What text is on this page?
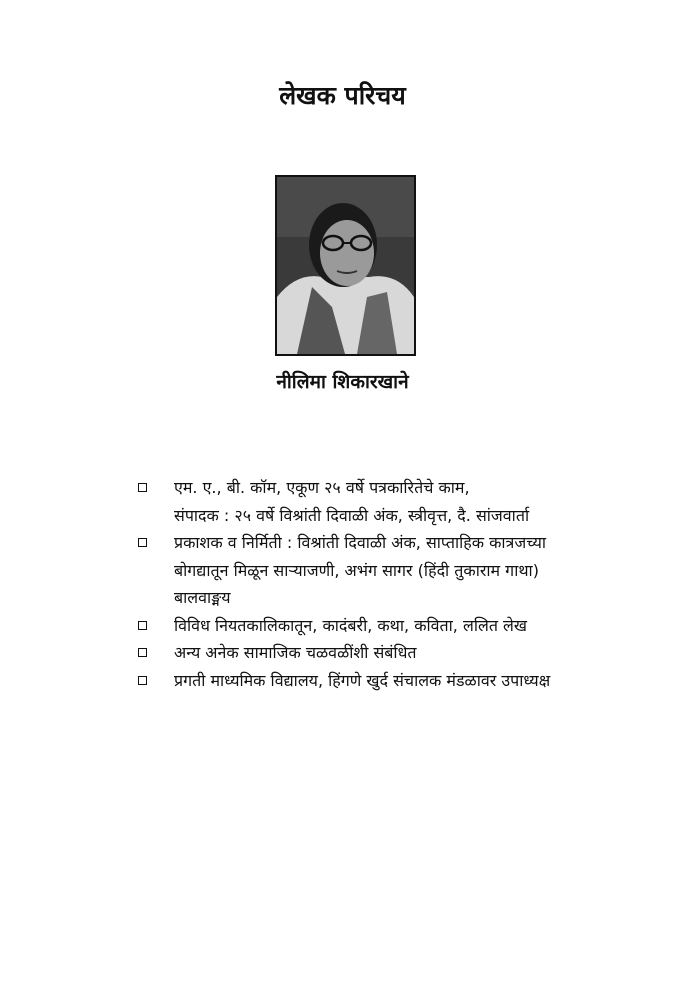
लेखक परिचय
नीलिमा शिकारखाने
एम. ए., बी. कॉम, एकूण २५ वर्षे पत्रकारितेचे काम,
संपादक : २५ वर्षे विश्रांती दिवाळी अंक, स्त्रीवृत्त, दै. सांजवार्ता
प्रकाशक व निर्मिती : विश्रांती दिवाळी अंक, साप्ताहिक कात्रजच्या
बोगद्यातून मिळून साऱ्याजणी, अभंग सागर (हिंदी तुकाराम गाथा)
बालवाङ्मय
विविध नियतकालिकातून, कादंबरी, कथा, कविता, ललित लेख
अन्य अनेक सामाजिक चळवळींशी संबंधित
प्रगती माध्यमिक विद्यालय, हिंगणे खुर्द संचालक मंडळावर उपाध्यक्ष
